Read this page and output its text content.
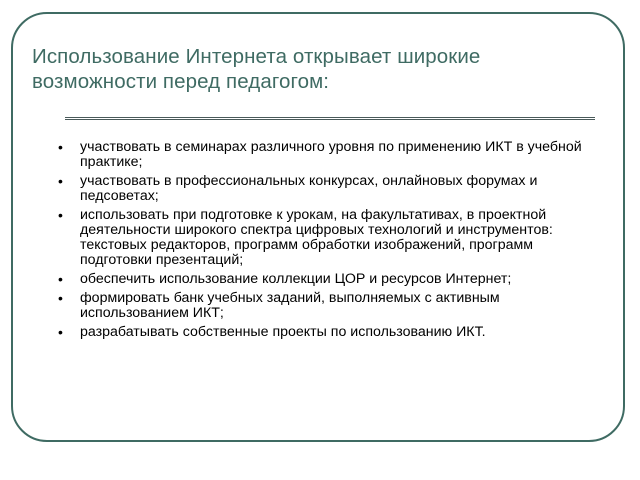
Использование Интернета открывает широкие возможности перед педагогом:
• участвовать в семинарах различного уровня по применению ИКТ в учебной практике;
• участвовать в профессиональных конкурсах, онлайновых форумах и педсоветах;
• использовать при подготовке к урокам, на факультативах, в проектной деятельности широкого спектра цифровых технологий и инструментов: текстовых редакторов, программ обработки изображений, программ подготовки презентаций;
• обеспечить использование коллекции ЦОР и ресурсов Интернет;
• формировать банк учебных заданий, выполняемых с активным использованием ИКТ;
• разрабатывать собственные проекты по использованию ИКТ.
